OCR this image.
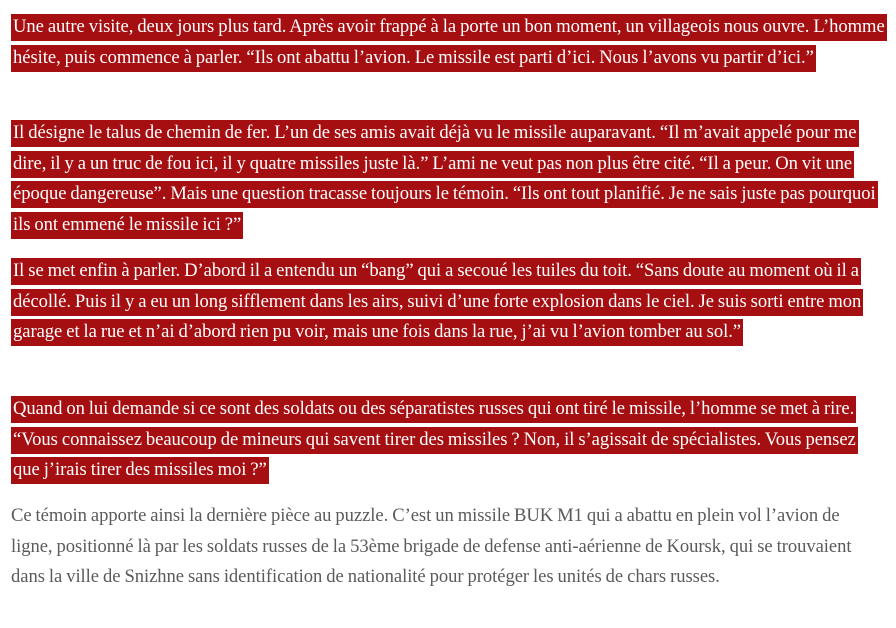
Une autre visite, deux jours plus tard. Après avoir frappé à la porte un bon moment, un villageois nous ouvre. L’homme hésite, puis commence à parler. “Ils ont abattu l’avion. Le missile est parti d’ici. Nous l’avons vu partir d’ici.”

Il désigne le talus de chemin de fer. L’un de ses amis avait déjà vu le missile auparavant. “Il m’avait appelé pour me dire, il y a un truc de fou ici, il y quatre missiles juste là.” L’ami ne veut pas non plus être cité. “Il a peur. On vit une époque dangereuse”. Mais une question tracasse toujours le témoin. “Ils ont tout planifié. Je ne sais juste pas pourquoi ils ont emmené le missile ici ?”

Il se met enfin à parler. D’abord il a entendu un “bang” qui a secoué les tuiles du toit. “Sans doute au moment où il a décollé. Puis il y a eu un long sifflement dans les airs, suivi d’une forte explosion dans le ciel. Je suis sorti entre mon garage et la rue et n’ai d’abord rien pu voir, mais une fois dans la rue, j’ai vu l’avion tomber au sol.”

Quand on lui demande si ce sont des soldats ou des séparatistes russes qui ont tiré le missile, l’homme se met à rire. “Vous connaissez beaucoup de mineurs qui savent tirer des missiles ? Non, il s’agissait de spécialistes. Vous pensez que j’irais tirer des missiles moi ?”

Ce témoin apporte ainsi la dernière pièce au puzzle. C’est un missile BUK M1 qui a abattu en plein vol l’avion de ligne, positionné là par les soldats russes de la 53ème brigade de defense anti-aérienne de Koursk, qui se trouvaient dans la ville de Snizhne sans identification de nationalité pour protéger les unités de chars russes.
